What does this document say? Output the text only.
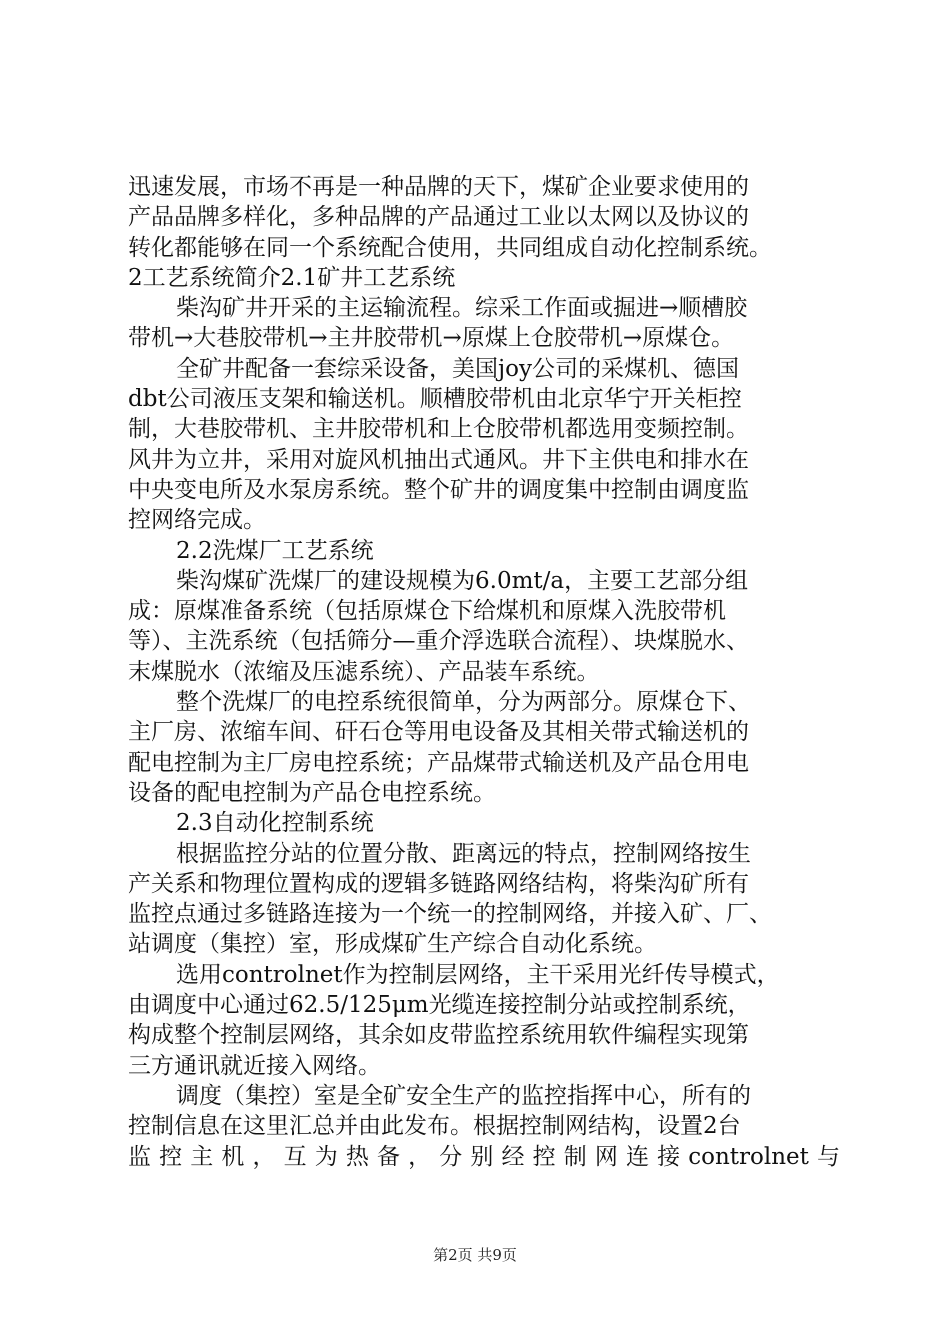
迅速发展，市场不再是一种品牌的天下，煤矿企业要求使用的
产品品牌多样化，多种品牌的产品通过工业以太网以及协议的
转化都能够在同一个系统配合使用，共同组成自动化控制系统。
2工艺系统简介2.1矿井工艺系统
柴沟矿井开采的主运输流程。综采工作面或掘进→顺槽胶
带机→大巷胶带机→主井胶带机→原煤上仓胶带机→原煤仓。
全矿井配备一套综采设备，美国joy公司的采煤机、德国
dbt公司液压支架和输送机。顺槽胶带机由北京华宁开关柜控
制，大巷胶带机、主井胶带机和上仓胶带机都选用变频控制。
风井为立井，采用对旋风机抽出式通风。井下主供电和排水在
中央变电所及水泵房系统。整个矿井的调度集中控制由调度监
控网络完成。
2.2洗煤厂工艺系统
柴沟煤矿洗煤厂的建设规模为6.0mt/a，主要工艺部分组
成：原煤准备系统（包括原煤仓下给煤机和原煤入洗胶带机
等）、主洗系统（包括筛分—重介浮选联合流程）、块煤脱水、
末煤脱水（浓缩及压滤系统）、产品装车系统。
整个洗煤厂的电控系统很简单，分为两部分。原煤仓下、
主厂房、浓缩车间、矸石仓等用电设备及其相关带式输送机的
配电控制为主厂房电控系统；产品煤带式输送机及产品仓用电
设备的配电控制为产品仓电控系统。
2.3自动化控制系统
根据监控分站的位置分散、距离远的特点，控制网络按生
产关系和物理位置构成的逻辑多链路网络结构，将柴沟矿所有
监控点通过多链路连接为一个统一的控制网络，并接入矿、厂、
站调度（集控）室，形成煤矿生产综合自动化系统。
选用controlnet作为控制层网络，主干采用光纤传导模式，
由调度中心通过62.5/125μm光缆连接控制分站或控制系统，
构成整个控制层网络，其余如皮带监控系统用软件编程实现第
三方通讯就近接入网络。
调度（集控）室是全矿安全生产的监控指挥中心，所有的
控制信息在这里汇总并由此发布。根据控制网结构，设置2台
监控主机，互为热备，分别经控制网连接controlnet与
第2页 共9页
